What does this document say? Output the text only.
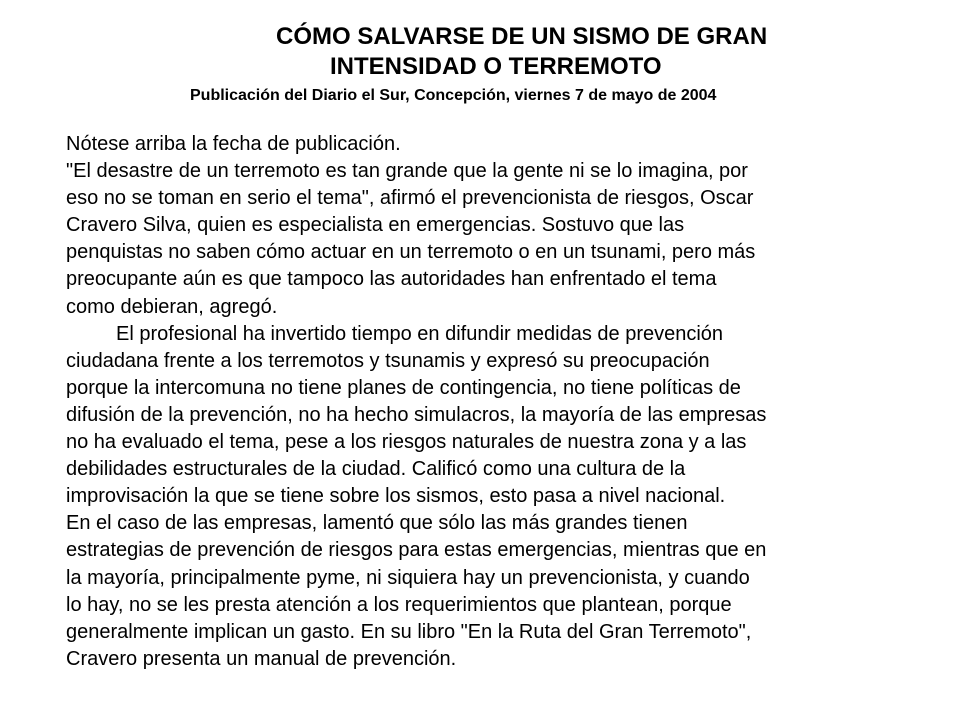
CÓMO SALVARSE DE UN SISMO DE GRAN
INTENSIDAD O TERREMOTO
Publicación del Diario el Sur, Concepción, viernes 7 de mayo de 2004
Nótese arriba la fecha de publicación.
"El desastre de un terremoto es tan grande que la gente ni se lo imagina, por
eso no se toman en serio el tema", afirmó el prevencionista de riesgos, Oscar
Cravero Silva, quien es especialista en emergencias. Sostuvo que las
penquistas no saben cómo actuar en un terremoto o en un tsunami, pero más
preocupante aún es que tampoco las autoridades han enfrentado el tema
como debieran, agregó.
El profesional ha invertido tiempo en difundir medidas de prevención
ciudadana frente a los terremotos y tsunamis y expresó su preocupación
porque la intercomuna no tiene planes de contingencia, no tiene políticas de
difusión de la prevención, no ha hecho simulacros, la mayoría de las empresas
no ha evaluado el tema, pese a los riesgos naturales de nuestra zona y a las
debilidades estructurales de la ciudad. Calificó como una cultura de la
improvisación la que se tiene sobre los sismos, esto pasa a nivel nacional.
En el caso de las empresas, lamentó que sólo las más grandes tienen
estrategias de prevención de riesgos para estas emergencias, mientras que en
la mayoría, principalmente pyme, ni siquiera hay un prevencionista, y cuando
lo hay, no se les presta atención a los requerimientos que plantean, porque
generalmente implican un gasto. En su libro "En la Ruta del Gran Terremoto",
Cravero presenta un manual de prevención.
